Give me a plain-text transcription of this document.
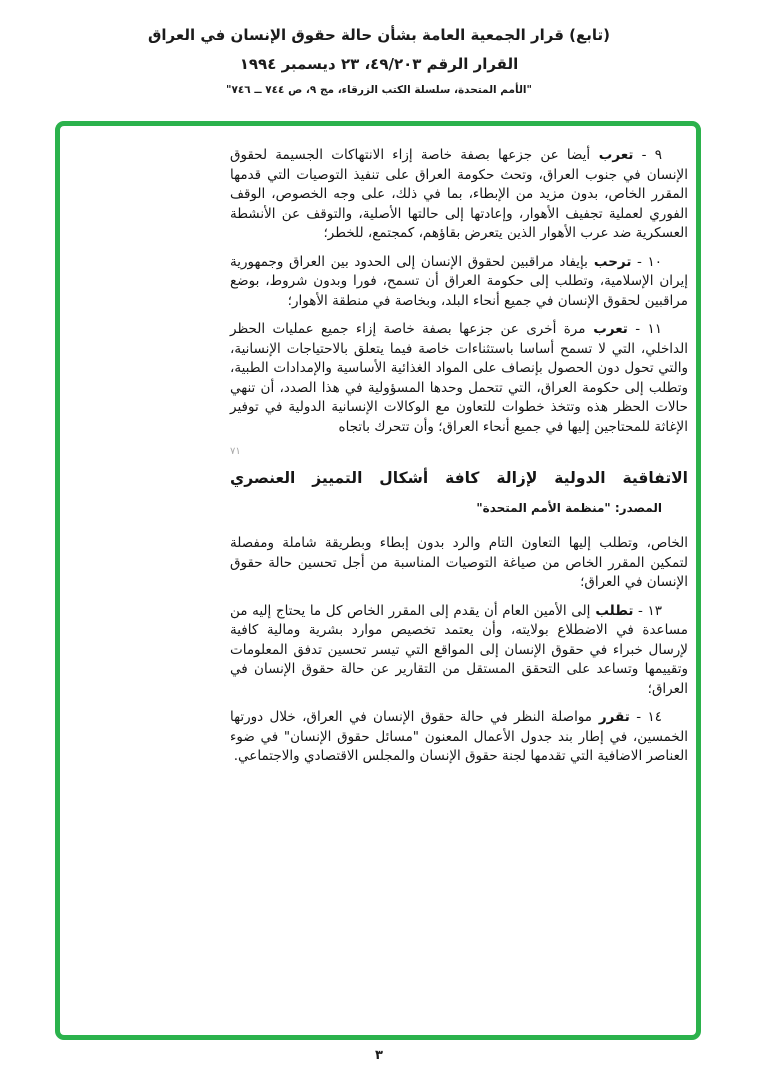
(تابع) قرار الجمعية العامة بشأن حالة حقوق الإنسان في العراق
القرار الرقم ٤٩/٢٠٣، ٢٣ ديسمبر ١٩٩٤
"الأمم المتحدة، سلسلة الكتب الزرقاء، مج ٩، ص ٧٤٤ ــ ٧٤٦"

٩ - تعرب أيضا عن جزعها بصفة خاصة إزاء الانتهاكات الجسيمة لحقوق الإنسان في جنوب العراق، وتحث حكومة العراق على تنفيذ التوصيات التي قدمها المقرر الخاص، بدون مزيد من الإبطاء، بما في ذلك، على وجه الخصوص، الوقف الفوري لعملية تجفيف الأهوار، وإعادتها إلى حالتها الأصلية، والتوقف عن الأنشطة العسكرية ضد عرب الأهوار الذين يتعرض بقاؤهم، كمجتمع، للخطر؛

١٠ - ترحب بإيفاد مراقبين لحقوق الإنسان إلى الحدود بين العراق وجمهورية إيران الإسلامية، وتطلب إلى حكومة العراق أن تسمح، فورا وبدون شروط، بوضع مراقبين لحقوق الإنسان في جميع أنحاء البلد، وبخاصة في منطقة الأهوار؛

١١ - تعرب مرة أخرى عن جزعها بصفة خاصة إزاء جميع عمليات الحظر الداخلي، التي لا تسمح أساسا باستثناءات خاصة فيما يتعلق بالاحتياجات الإنسانية، والتي تحول دون الحصول بإنصاف على المواد الغذائية الأساسية والإمدادات الطبية، وتطلب إلى حكومة العراق، التي تتحمل وحدها المسؤولية في هذا الصدد، أن تنهي حالات الحظر هذه وتتخذ خطوات للتعاون مع الوكالات الإنسانية الدولية في توفير الإغاثة للمحتاجين إليها في جميع أنحاء العراق؛ وأن تتحرك باتجاه

٧١
الاتفاقية الدولية لإزالة كافة أشكال التمييز العنصري
المصدر: "منظمة الأمم المتحدة"

الخاص، وتطلب إليها التعاون التام والرد بدون إبطاء وبطريقة شاملة ومفصلة لتمكين المقرر الخاص من صياغة التوصيات المناسبة من أجل تحسين حالة حقوق الإنسان في العراق؛

١٣ - تطلب إلى الأمين العام أن يقدم إلى المقرر الخاص كل ما يحتاج إليه من مساعدة في الاضطلاع بولايته، وأن يعتمد تخصيص موارد بشرية ومالية كافية لإرسال خبراء في حقوق الإنسان إلى المواقع التي تيسر تحسين تدفق المعلومات وتقييمها وتساعد على التحقق المستقل من التقارير عن حالة حقوق الإنسان في العراق؛

١٤ - تقرر مواصلة النظر في حالة حقوق الإنسان في العراق، خلال دورتها الخمسين، في إطار بند جدول الأعمال المعنون "مسائل حقوق الإنسان" في ضوء العناصر الاضافية التي تقدمها لجنة حقوق الإنسان والمجلس الاقتصادي والاجتماعي.

٣
